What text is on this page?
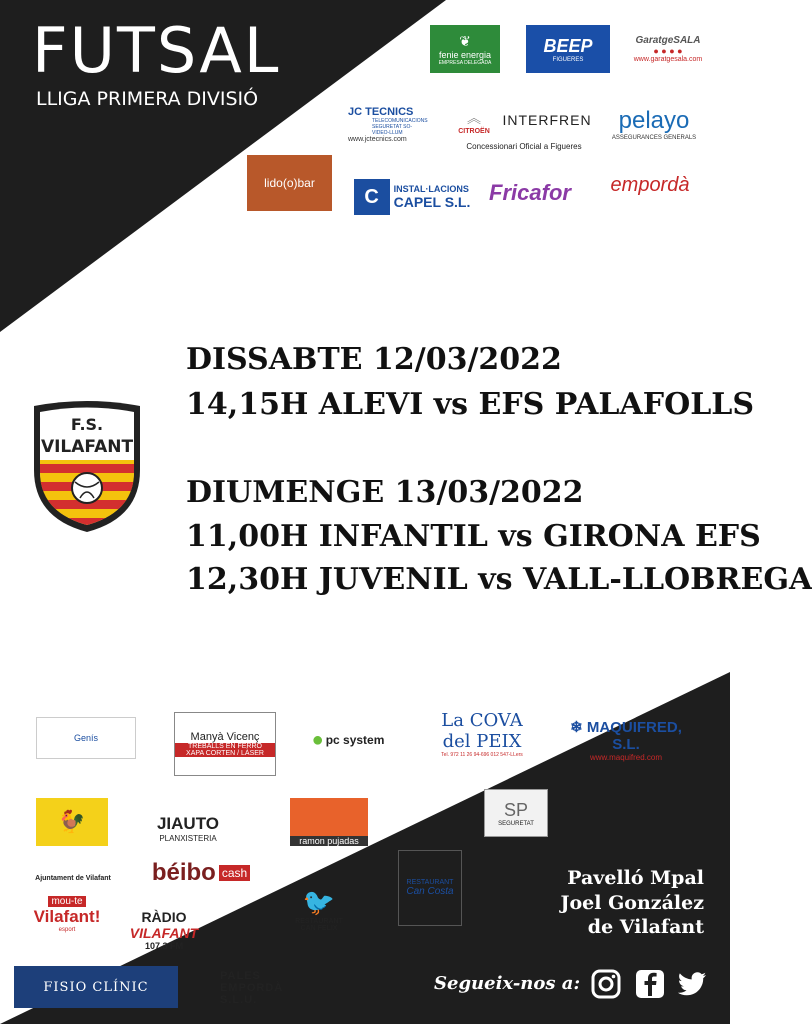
FUTSAL
LLIGA PRIMERA DIVISIÓ
❦
fenie energia
EMPRESA DELEGADA
BEEP
FIGUERES
GaratgeSALA
● ● ● ●
www.garatgesala.com
JC TECNICS
TELECOMUNICACIONS SEGURETAT SO-VIDEO-LLUM
www.jctecnics.com
︽
CITROËN
INTERFREN
Concessionari Oficial a Figueres
pelayo
ASSEGURANCES GENERALS
lido(o)bar
C	INSTAL·LACIONS
CAPEL S.L. Fricafor	empordà
F.S.
VILAFANT
DISSABTE 12/03/2022
14,15H ALEVI vs EFS PALAFOLLS
DIUMENGE 13/03/2022
11,00H INFANTIL vs GIRONA EFS
12,30H JUVENIL vs VALL-LLOBREGA
Genís	Manyà Vicenç
TREBALLS EN FERRO
XAPA CORTEN / LÀSER
● pc system
La COVA
del PEIX
Tel. 972 11 26 94-696 012 547-LLers
❄ MAQUIFRED, S.L.
www.maquifred.com
🐓	JIAUTO
PLANXISTERIA	ramon pujadas
SP
SEGURETAT
béibo cash
RESTAURANT
Can Costa
Ajuntament de Vilafant
mou-te
Vilafant!
esport
RÀDIO
VILAFANT
107.3 FM
🐦
RESTAURANT
CAN FELIX
FISIO CLÍNIC
PALES
EMPORDÀ
S.L.U.
Pavelló Mpal
Joel González
de Vilafant
Segueix-nos a:
